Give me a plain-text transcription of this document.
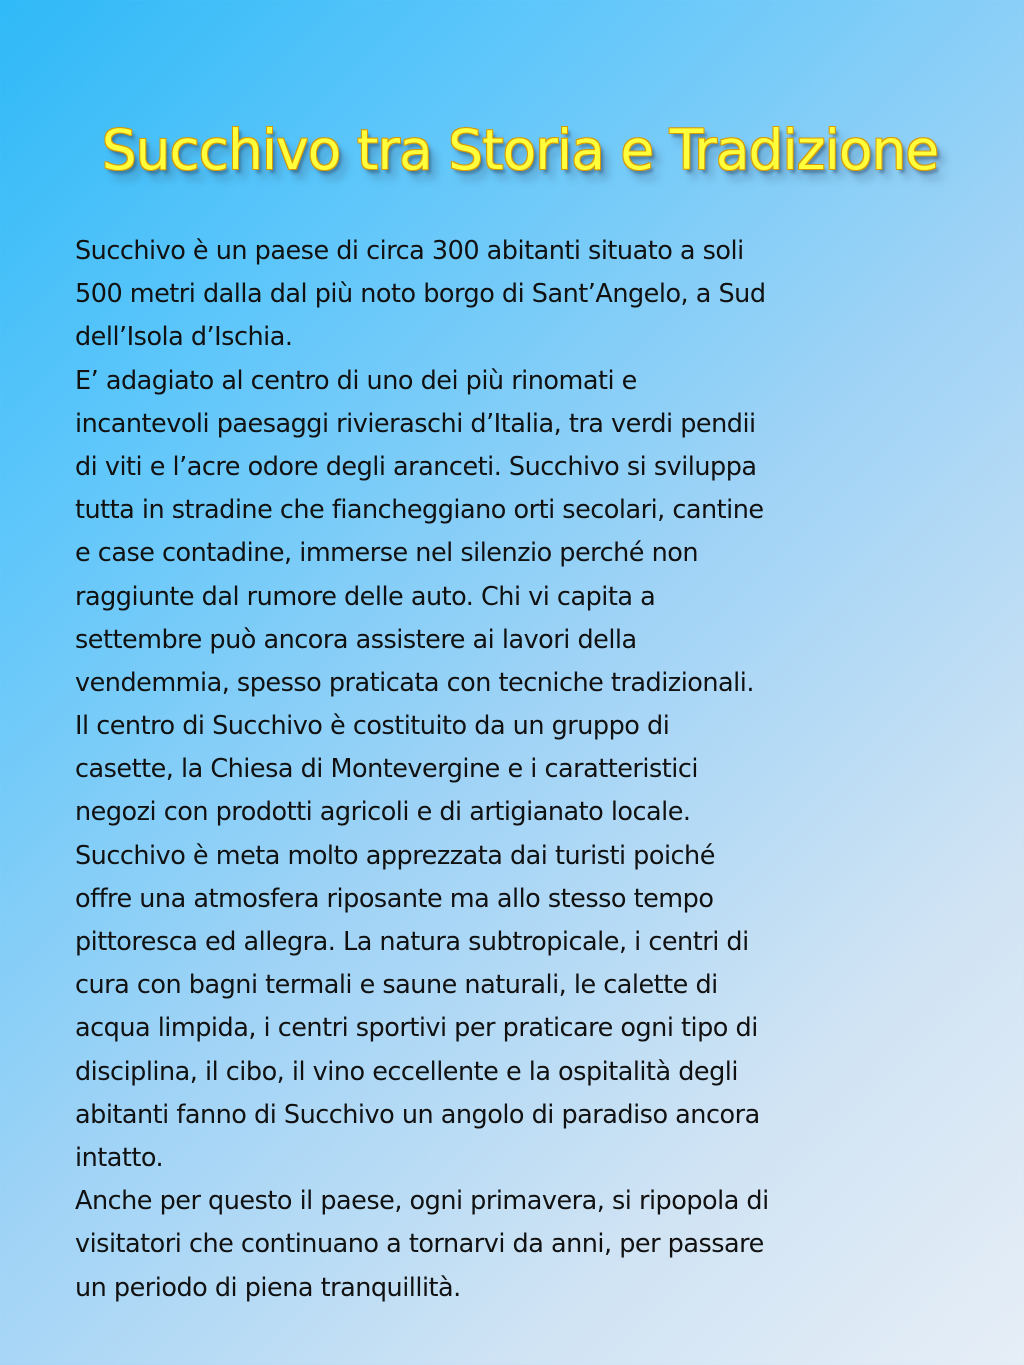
Succhivo tra Storia e Tradizione
Succhivo è un paese di circa 300 abitanti situato a soli
500 metri dalla dal più noto borgo di Sant’Angelo, a Sud
dell’Isola d’Ischia.
E’ adagiato al centro di uno dei più rinomati e
incantevoli paesaggi rivieraschi d’Italia, tra verdi pendii
di viti e l’acre odore degli aranceti. Succhivo si sviluppa
tutta in stradine che fiancheggiano orti secolari, cantine
e case contadine, immerse nel silenzio perché non
raggiunte dal rumore delle auto. Chi vi capita a
settembre può ancora assistere ai lavori della
vendemmia, spesso praticata con tecniche tradizionali.
Il centro di Succhivo è costituito da un gruppo di
casette, la Chiesa di Montevergine e i caratteristici
negozi con prodotti agricoli e di artigianato locale.
Succhivo è meta molto apprezzata dai turisti poiché
offre una atmosfera riposante ma allo stesso tempo
pittoresca ed allegra. La natura subtropicale, i centri di
cura con bagni termali e saune naturali, le calette di
acqua limpida, i centri sportivi per praticare ogni tipo di
disciplina, il cibo, il vino eccellente e la ospitalità degli
abitanti fanno di Succhivo un angolo di paradiso ancora
intatto.
Anche per questo il paese, ogni primavera, si ripopola di
visitatori che continuano a tornarvi da anni, per passare
un periodo di piena tranquillità.
